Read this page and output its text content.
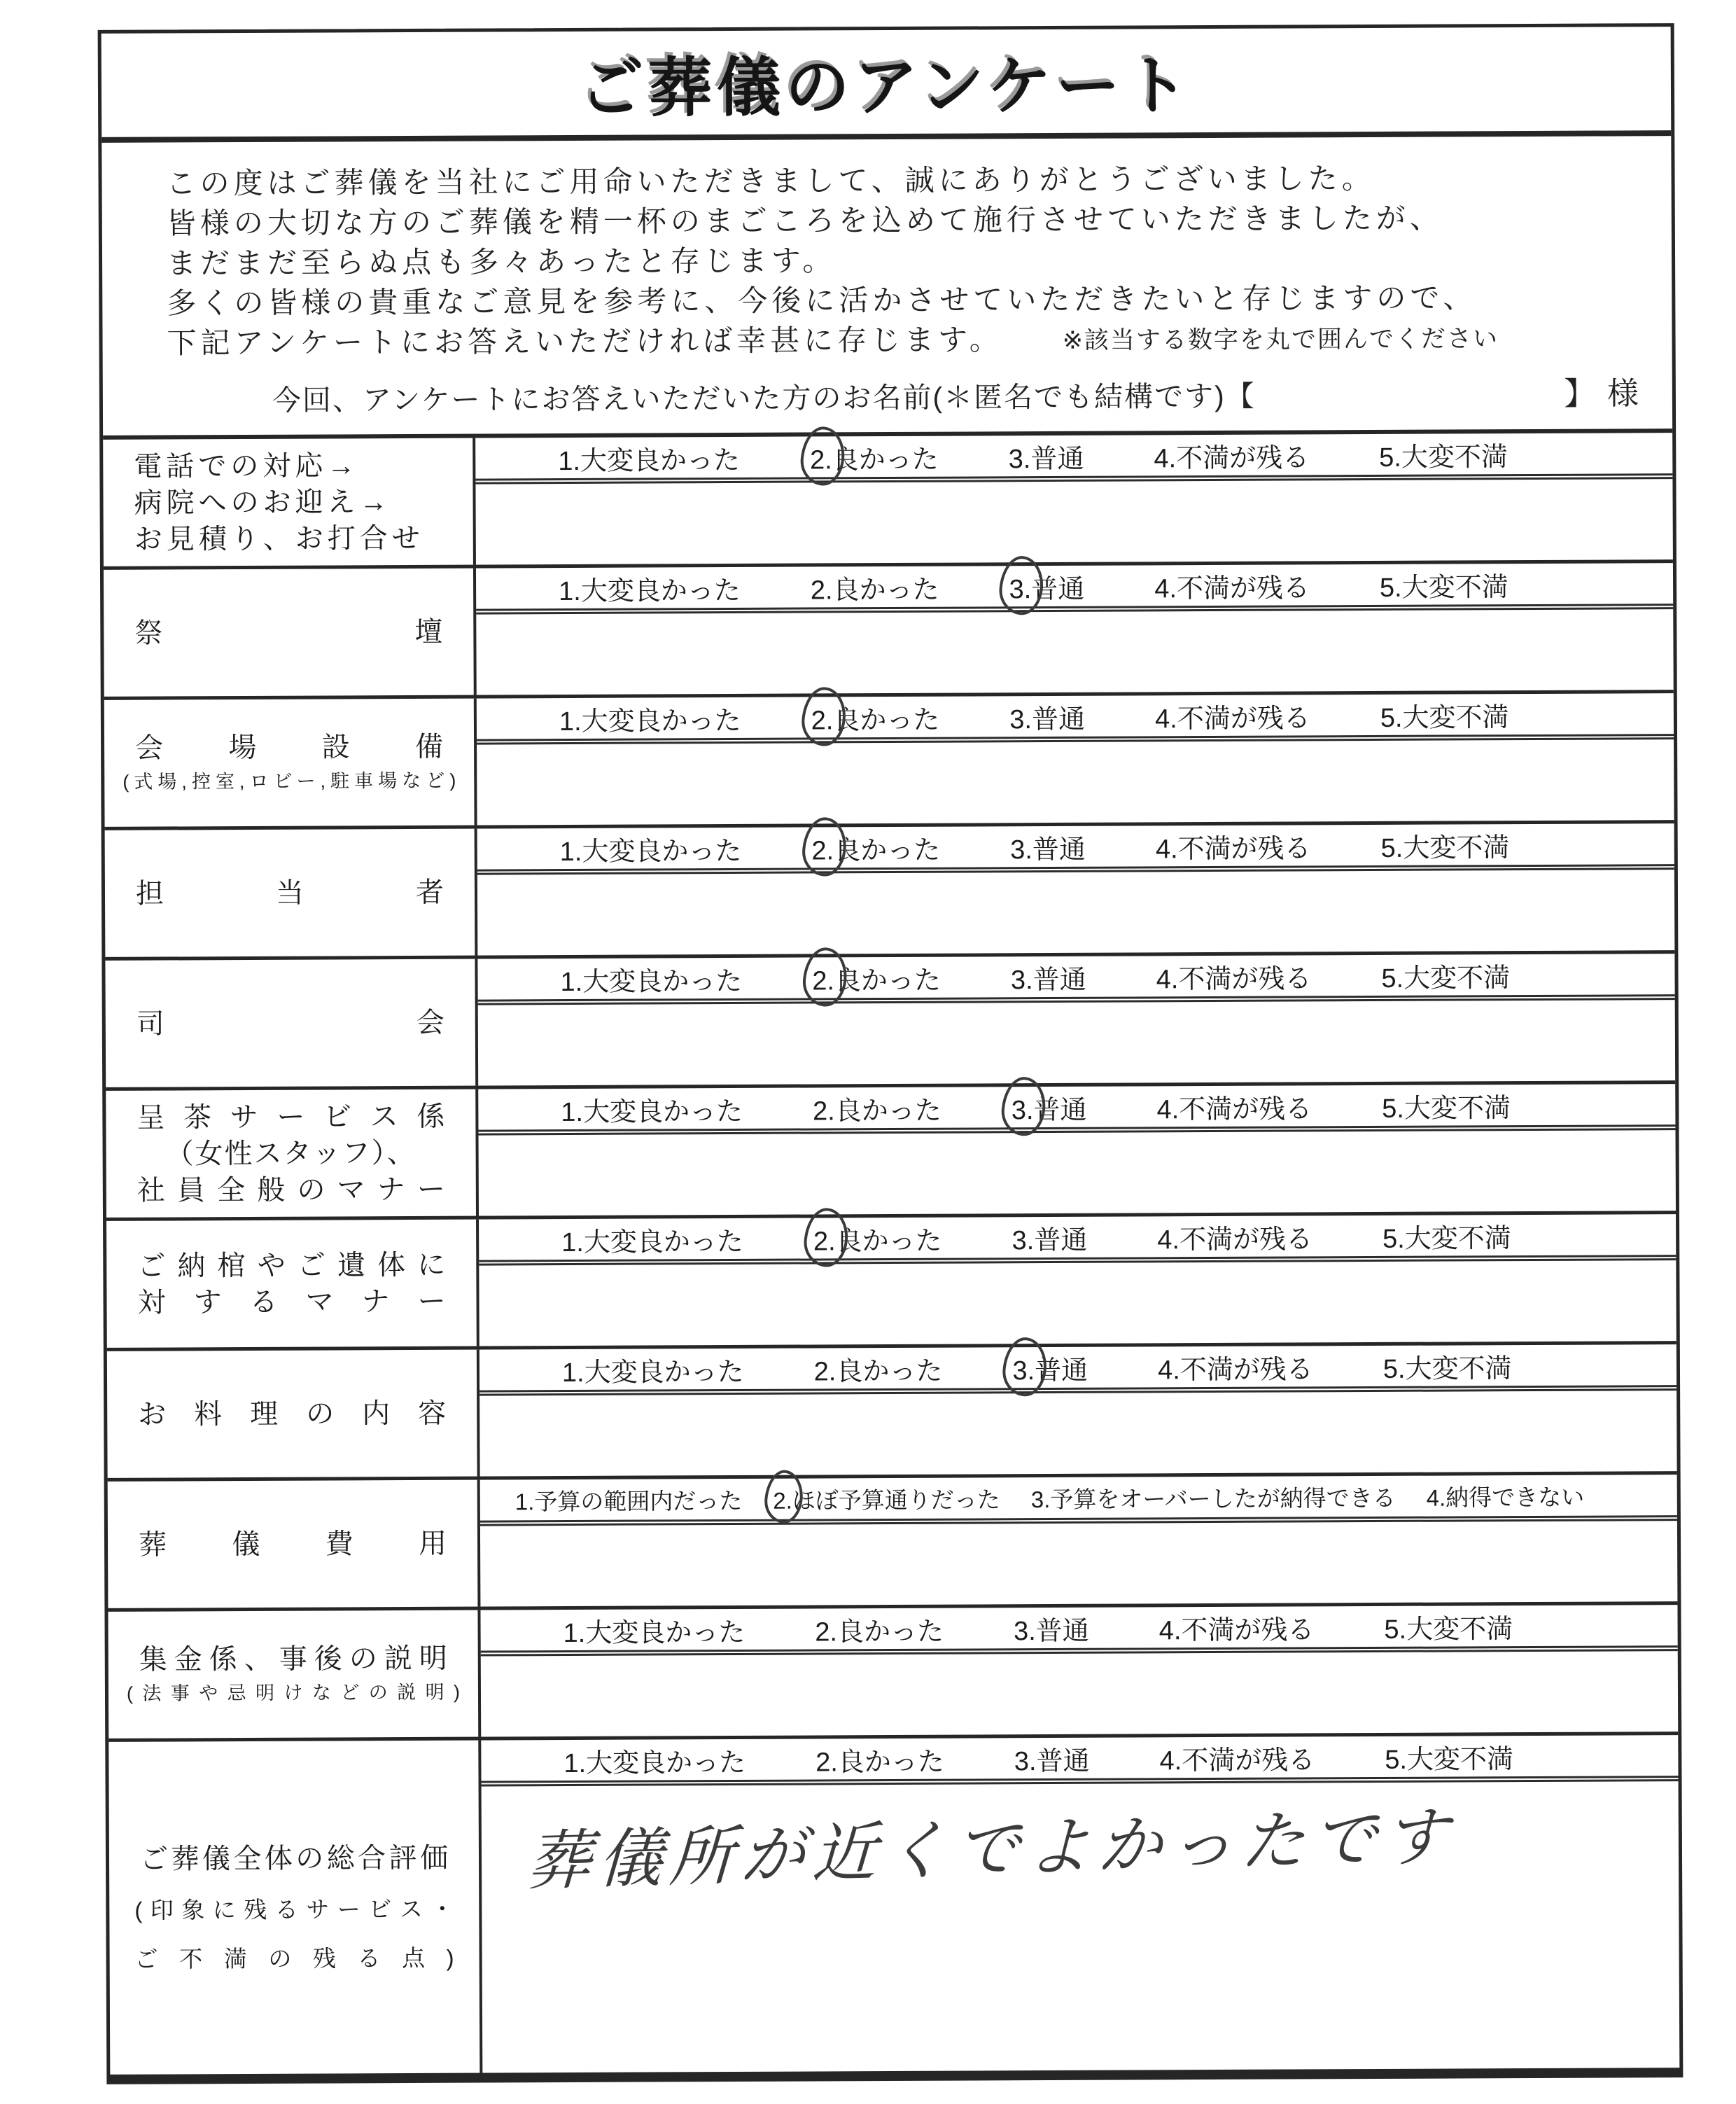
ご葬儀のアンケート

この度はご葬儀を当社にご用命いただきまして、誠にありがとうございました。

皆様の大切な方のご葬儀を精一杯のまごころを込めて施行させていただきましたが、

まだまだ至らぬ点も多々あったと存じます。

多くの皆様の貴重なご意見を参考に、今後に活かさせていただきたいと存じますので、

下記アンケートにお答えいただければ幸甚に存じます。 ※該当する数字を丸で囲んでください
今回、アンケートにお答えいただいた方のお名前(＊匿名でも結構です)【	】 様
電話での対応→
病院へのお迎え→
お見積り、お打合せ
1. 大変良かった	2. 良かった	3. 普通	4. 不満が残る	5. 大変不満
祭壇
1. 大変良かった	2. 良かった	3. 普通	4. 不満が残る	5. 大変不満
会場設備
(式場,控室,ロビー,駐車場など)
1. 大変良かった	2. 良かった	3. 普通	4. 不満が残る	5. 大変不満
担当者
1. 大変良かった	2. 良かった	3. 普通	4. 不満が残る	5. 大変不満
司会
1. 大変良かった	2. 良かった	3. 普通	4. 不満が残る	5. 大変不満
呈茶サービス係
（女性スタッフ）、
社員全般のマナー
1. 大変良かった	2. 良かった	3. 普通	4. 不満が残る	5. 大変不満
ご納棺やご遺体に
対するマナー
1. 大変良かった	2. 良かった	3. 普通	4. 不満が残る	5. 大変不満
お料理の内容
1. 大変良かった	2. 良かった	3. 普通	4. 不満が残る	5. 大変不満
葬儀費用
1. 予算の範囲内だった 2. ほぼ予算通りだった 3. 予算をオーバーしたが納得できる 4. 納得できない
集金係、事後の説明
(法事や忌明けなどの説明)
1. 大変良かった	2. 良かった	3. 普通	4. 不満が残る	5. 大変不満
ご葬儀全体の総合評価
(印象に残るサービス・
ご不満の残る点)
1. 大変良かった	2. 良かった	3. 普通	4. 不満が残る	5. 大変不満
葬儀所が近くでよかったです
